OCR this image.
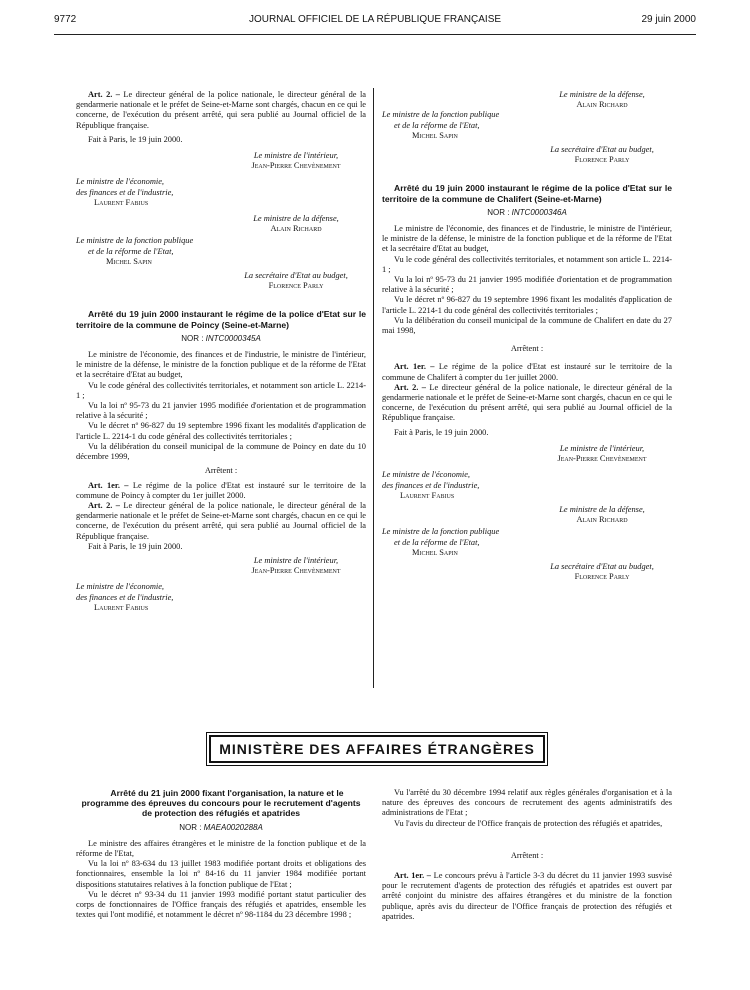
9772	JOURNAL OFFICIEL DE LA RÉPUBLIQUE FRANÇAISE	29 juin 2000

Art. 2. – Le directeur général de la police nationale, le directeur général de la gendarmerie nationale et le préfet de Seine-et-Marne sont chargés, chacun en ce qui le concerne, de l'exécution du présent arrêté, qui sera publié au Journal officiel de la République française.

Fait à Paris, le 19 juin 2000.

Le ministre de l'intérieur,
Jean-Pierre Chevènement
Le ministre de l'économie,
des finances et de l'industrie,
Laurent Fabius
Le ministre de la défense,
Alain Richard
Le ministre de la fonction publique
et de la réforme de l'Etat,
Michel Sapin
La secrétaire d'Etat au budget,
Florence Parly

Arrêté du 19 juin 2000 instaurant le régime de la police d'Etat sur le territoire de la commune de Poincy (Seine-et-Marne)

NOR : INTC0000345A

Le ministre de l'économie, des finances et de l'industrie, le ministre de l'intérieur, le ministre de la défense, le ministre de la fonction publique et de la réforme de l'Etat et la secrétaire d'Etat au budget,

Vu le code général des collectivités territoriales, et notamment son article L. 2214-1 ;

Vu la loi nº 95-73 du 21 janvier 1995 modifiée d'orientation et de programmation relative à la sécurité ;

Vu le décret nº 96-827 du 19 septembre 1996 fixant les modalités d'application de l'article L. 2214-1 du code général des collectivités territoriales ;

Vu la délibération du conseil municipal de la commune de Poincy en date du 10 décembre 1999,

Arrêtent :

Art. 1er. – Le régime de la police d'Etat est instauré sur le territoire de la commune de Poincy à compter du 1er juillet 2000.

Art. 2. – Le directeur général de la police nationale, le directeur général de la gendarmerie nationale et le préfet de Seine-et-Marne sont chargés, chacun en ce qui le concerne, de l'exécution du présent arrêté, qui sera publié au Journal officiel de la République française.

Fait à Paris, le 19 juin 2000.

Le ministre de l'intérieur,
Jean-Pierre Chevènement
Le ministre de l'économie,
des finances et de l'industrie,
Laurent Fabius
Le ministre de la défense,
Alain Richard
Le ministre de la fonction publique
et de la réforme de l'Etat,
Michel Sapin
La secrétaire d'Etat au budget,
Florence Parly

Arrêté du 19 juin 2000 instaurant le régime de la police d'Etat sur le territoire de la commune de Chalifert (Seine-et-Marne)

NOR : INTC0000346A

Le ministre de l'économie, des finances et de l'industrie, le ministre de l'intérieur, le ministre de la défense, le ministre de la fonction publique et de la réforme de l'Etat et la secrétaire d'Etat au budget,

Vu le code général des collectivités territoriales, et notamment son article L. 2214-1 ;

Vu la loi nº 95-73 du 21 janvier 1995 modifiée d'orientation et de programmation relative à la sécurité ;

Vu le décret nº 96-827 du 19 septembre 1996 fixant les modalités d'application de l'article L. 2214-1 du code général des collectivités territoriales ;

Vu la délibération du conseil municipal de la commune de Chalifert en date du 27 mai 1998,

Arrêtent :

Art. 1er. – Le régime de la police d'Etat est instauré sur le territoire de la commune de Chalifert à compter du 1er juillet 2000.

Art. 2. – Le directeur général de la police nationale, le directeur général de la gendarmerie nationale et le préfet de Seine-et-Marne sont chargés, chacun en ce qui le concerne, de l'exécution du présent arrêté, qui sera publié au Journal officiel de la République française.

Fait à Paris, le 19 juin 2000.

Le ministre de l'intérieur,
Jean-Pierre Chevènement
Le ministre de l'économie,
des finances et de l'industrie,
Laurent Fabius
Le ministre de la défense,
Alain Richard
Le ministre de la fonction publique
et de la réforme de l'Etat,
Michel Sapin
La secrétaire d'Etat au budget,
Florence Parly
MINISTÈRE DES AFFAIRES ÉTRANGÈRES

Arrêté du 21 juin 2000 fixant l'organisation, la nature et le programme des épreuves du concours pour le recrutement d'agents de protection des réfugiés et apatrides

NOR : MAEA0020288A

Le ministre des affaires étrangères et le ministre de la fonction publique et de la réforme de l'Etat,

Vu la loi nº 83-634 du 13 juillet 1983 modifiée portant droits et obligations des fonctionnaires, ensemble la loi nº 84-16 du 11 janvier 1984 modifiée portant dispositions statutaires relatives à la fonction publique de l'Etat ;

Vu le décret nº 93-34 du 11 janvier 1993 modifié portant statut particulier des corps de fonctionnaires de l'Office français des réfugiés et apatrides, ensemble les textes qui l'ont modifié, et notamment le décret nº 98-1184 du 23 décembre 1998 ;

Vu l'arrêté du 30 décembre 1994 relatif aux règles générales d'organisation et à la nature des épreuves des concours de recrutement des agents administratifs des administrations de l'Etat ;

Vu l'avis du directeur de l'Office français de protection des réfugiés et apatrides,

Arrêtent :

Art. 1er. – Le concours prévu à l'article 3-3 du décret du 11 janvier 1993 susvisé pour le recrutement d'agents de protection des réfugiés et apatrides est ouvert par arrêté conjoint du ministre des affaires étrangères et du ministre de la fonction publique, après avis du directeur de l'Office français de protection des réfugiés et apatrides.
